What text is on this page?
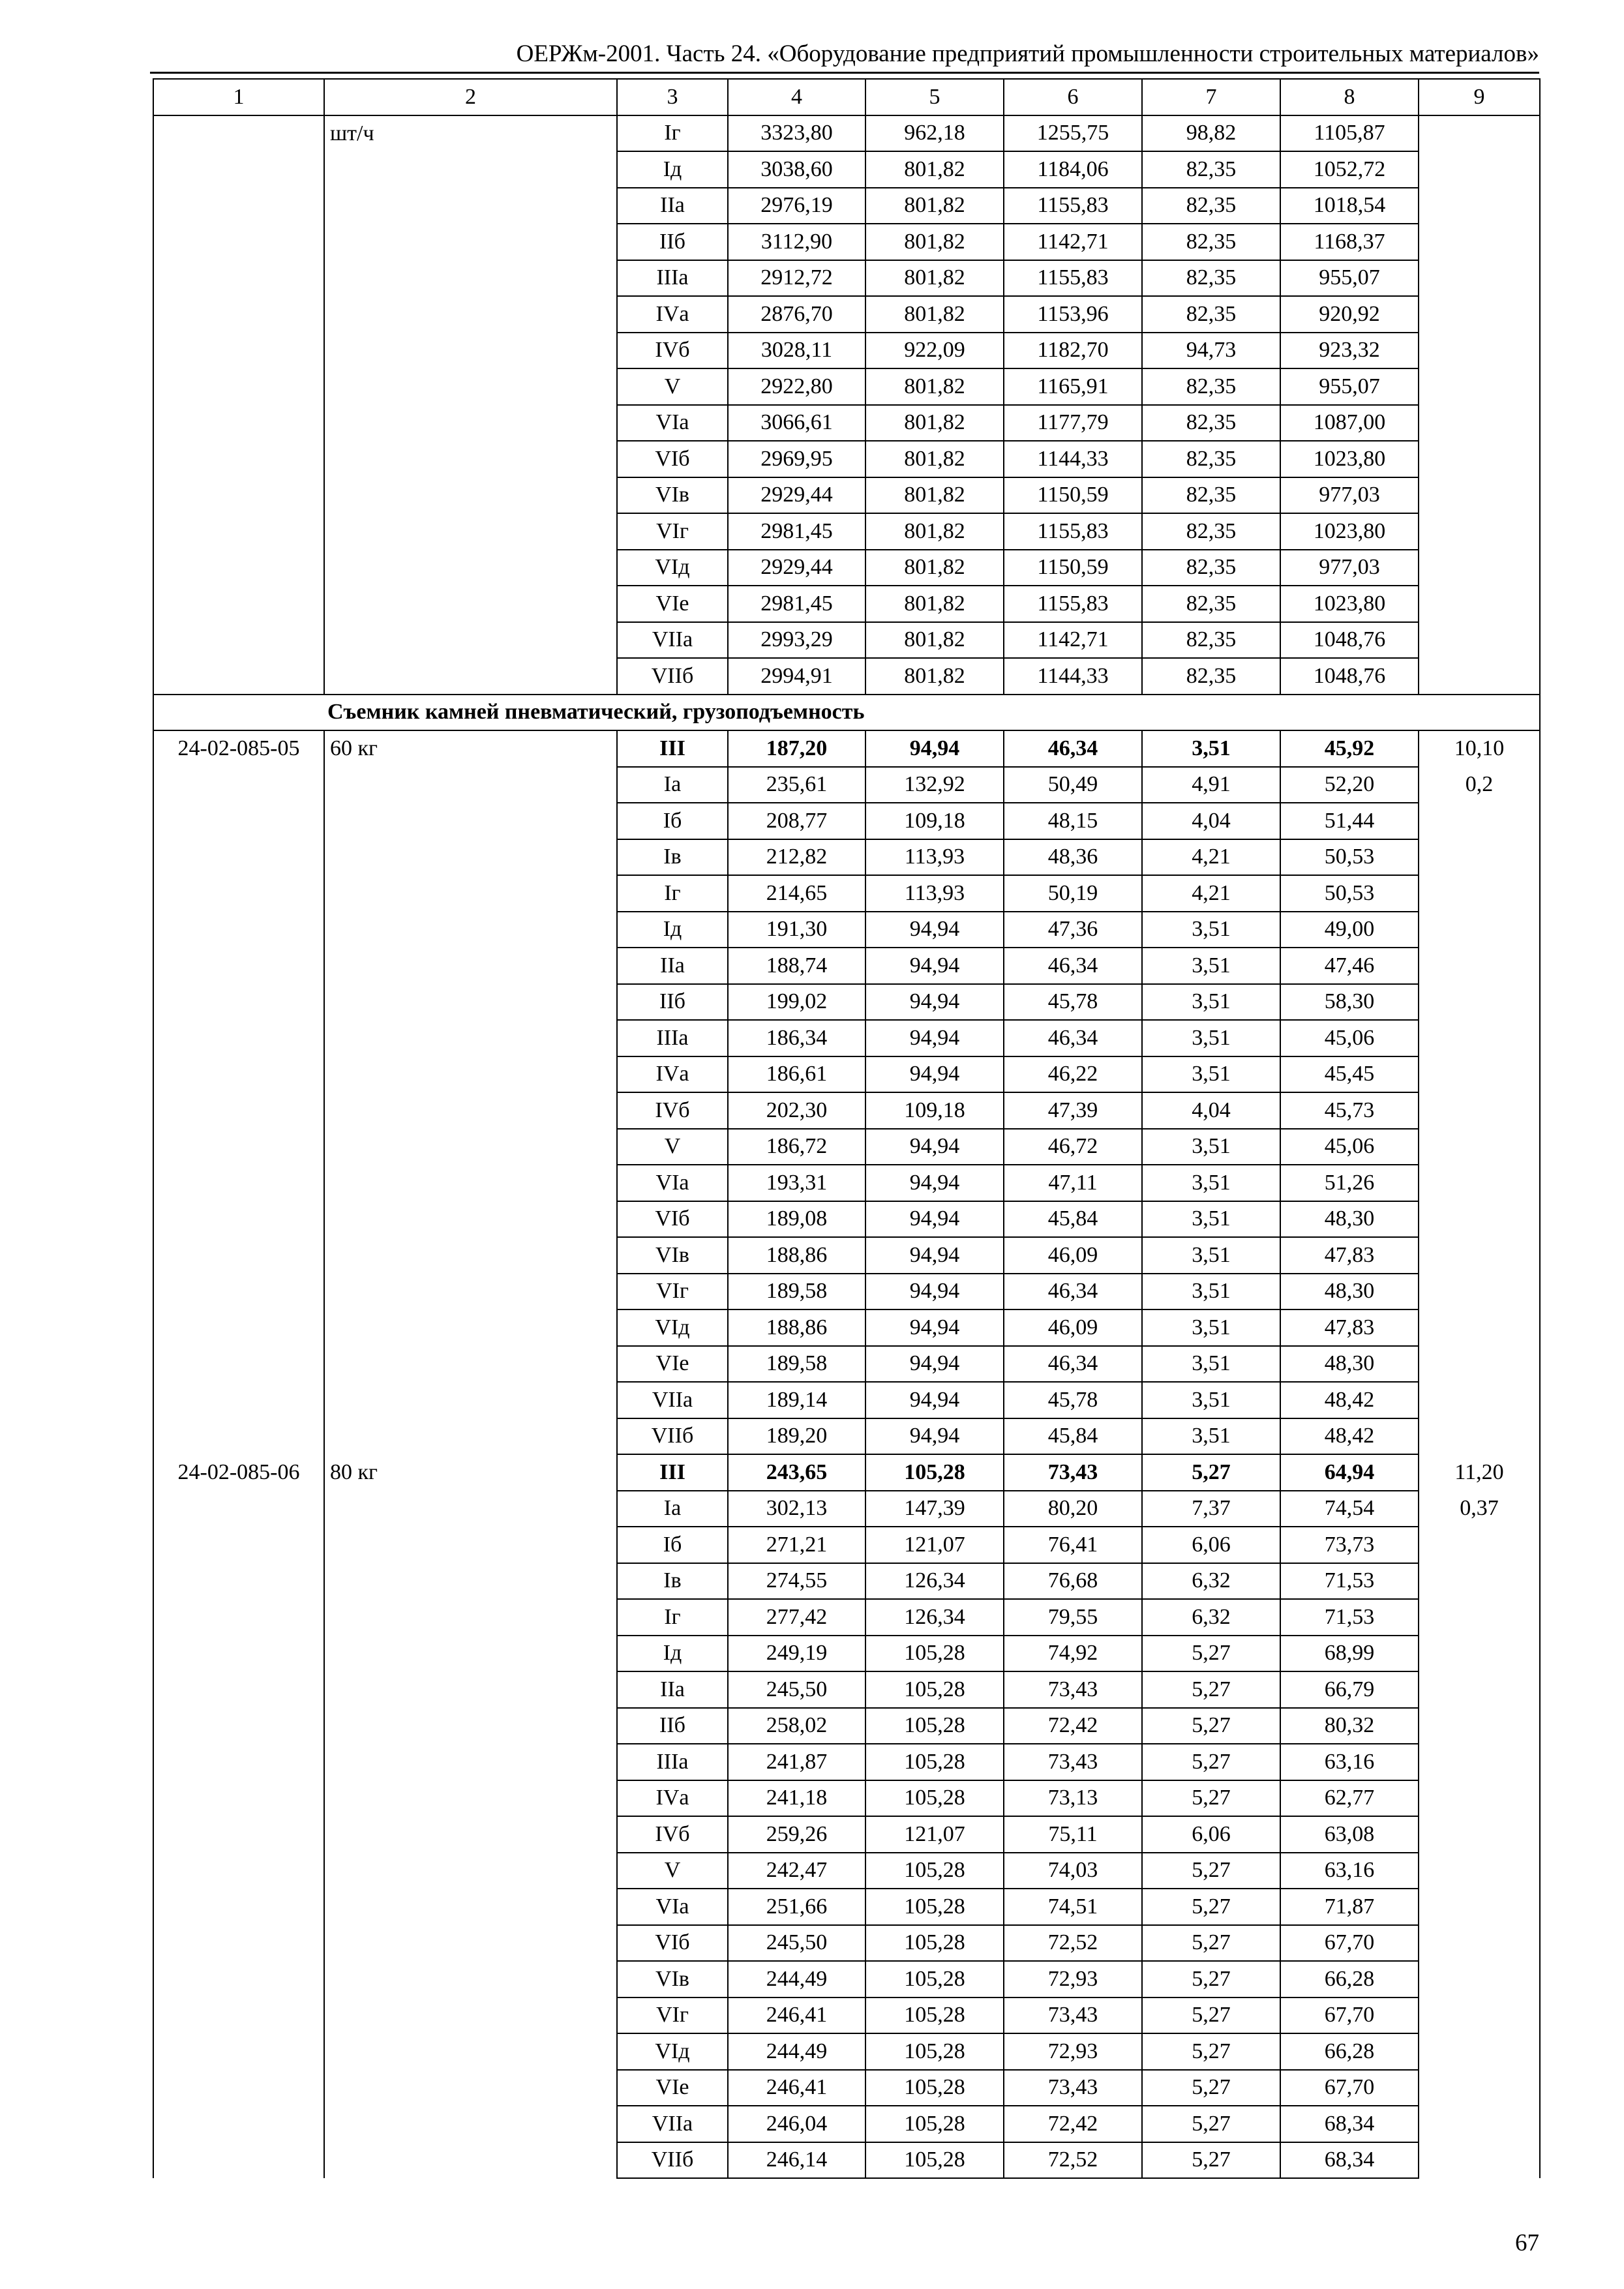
ОЕРЖм-2001. Часть 24. «Оборудование предприятий промышленности строительных материалов»
1	2	3	4	5	6	7	8	9
	шт/ч	Iг	3323,80	962,18	1255,75	98,82	1105,87	
		Iд	3038,60	801,82	1184,06	82,35	1052,72	
		IIа	2976,19	801,82	1155,83	82,35	1018,54	
		IIб	3112,90	801,82	1142,71	82,35	1168,37	
		IIIа	2912,72	801,82	1155,83	82,35	955,07	
		IVа	2876,70	801,82	1153,96	82,35	920,92	
		IVб	3028,11	922,09	1182,70	94,73	923,32	
		V	2922,80	801,82	1165,91	82,35	955,07	
		VIа	3066,61	801,82	1177,79	82,35	1087,00	
		VIб	2969,95	801,82	1144,33	82,35	1023,80	
		VIв	2929,44	801,82	1150,59	82,35	977,03	
		VIг	2981,45	801,82	1155,83	82,35	1023,80	
		VIд	2929,44	801,82	1150,59	82,35	977,03	
		VIе	2981,45	801,82	1155,83	82,35	1023,80	
		VIIа	2993,29	801,82	1142,71	82,35	1048,76	
		VIIб	2994,91	801,82	1144,33	82,35	1048,76	
Съемник камней пневматический, грузоподъемность								
24-02-085-05	60 кг	III	187,20	94,94	46,34	3,51	45,92	10,10
		Iа	235,61	132,92	50,49	4,91	52,20	0,2
		Iб	208,77	109,18	48,15	4,04	51,44	
		Iв	212,82	113,93	48,36	4,21	50,53	
		Iг	214,65	113,93	50,19	4,21	50,53	
		Iд	191,30	94,94	47,36	3,51	49,00	
		IIа	188,74	94,94	46,34	3,51	47,46	
		IIб	199,02	94,94	45,78	3,51	58,30	
		IIIа	186,34	94,94	46,34	3,51	45,06	
		IVа	186,61	94,94	46,22	3,51	45,45	
		IVб	202,30	109,18	47,39	4,04	45,73	
		V	186,72	94,94	46,72	3,51	45,06	
		VIа	193,31	94,94	47,11	3,51	51,26	
		VIб	189,08	94,94	45,84	3,51	48,30	
		VIв	188,86	94,94	46,09	3,51	47,83	
		VIг	189,58	94,94	46,34	3,51	48,30	
		VIд	188,86	94,94	46,09	3,51	47,83	
		VIе	189,58	94,94	46,34	3,51	48,30	
		VIIа	189,14	94,94	45,78	3,51	48,42	
		VIIб	189,20	94,94	45,84	3,51	48,42	
24-02-085-06	80 кг	III	243,65	105,28	73,43	5,27	64,94	11,20
		Iа	302,13	147,39	80,20	7,37	74,54	0,37
		Iб	271,21	121,07	76,41	6,06	73,73	
		Iв	274,55	126,34	76,68	6,32	71,53	
		Iг	277,42	126,34	79,55	6,32	71,53	
		Iд	249,19	105,28	74,92	5,27	68,99	
		IIа	245,50	105,28	73,43	5,27	66,79	
		IIб	258,02	105,28	72,42	5,27	80,32	
		IIIа	241,87	105,28	73,43	5,27	63,16	
		IVа	241,18	105,28	73,13	5,27	62,77	
		IVб	259,26	121,07	75,11	6,06	63,08	
		V	242,47	105,28	74,03	5,27	63,16	
		VIа	251,66	105,28	74,51	5,27	71,87	
		VIб	245,50	105,28	72,52	5,27	67,70	
		VIв	244,49	105,28	72,93	5,27	66,28	
		VIг	246,41	105,28	73,43	5,27	67,70	
		VIд	244,49	105,28	72,93	5,27	66,28	
		VIе	246,41	105,28	73,43	5,27	67,70	
		VIIа	246,04	105,28	72,42	5,27	68,34	
		VIIб	246,14	105,28	72,52	5,27	68,34	
67
